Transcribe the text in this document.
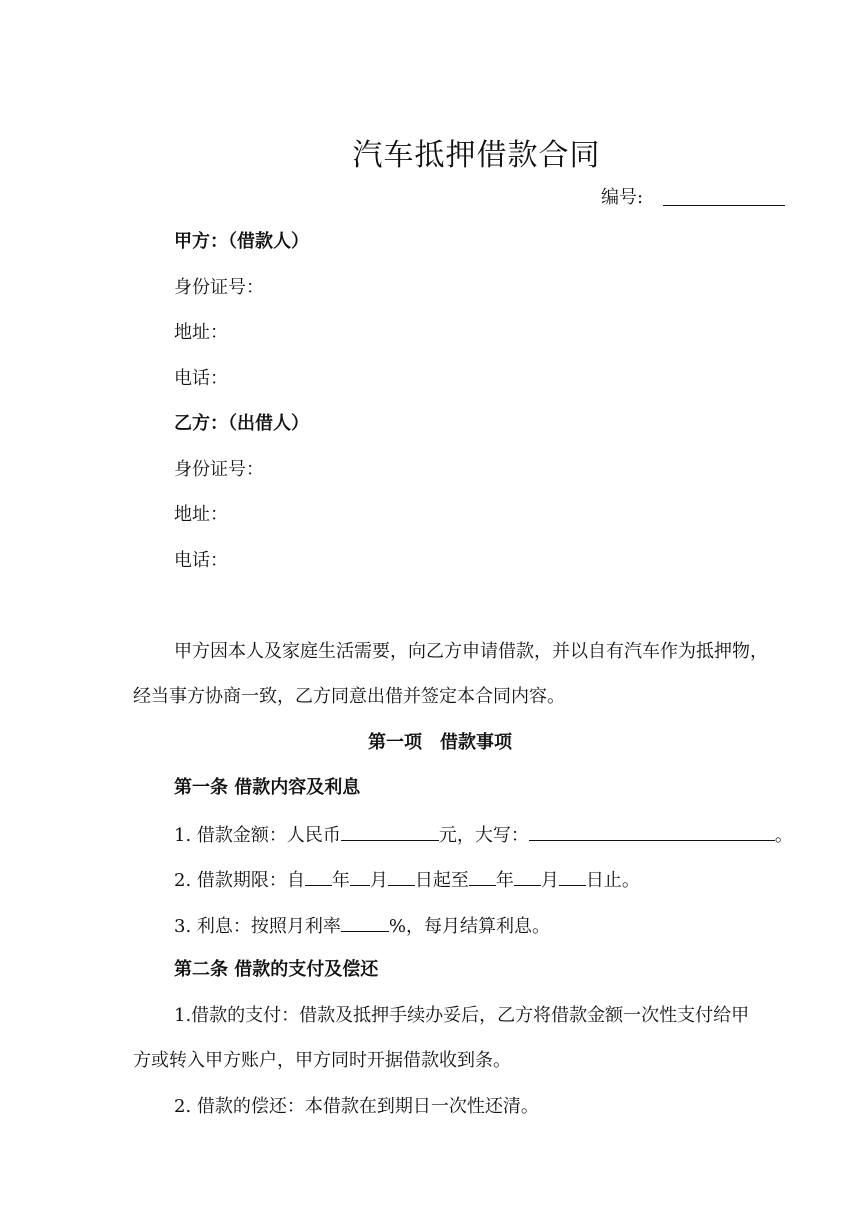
汽车抵押借款合同
编号:
甲方：（借款人）
身份证号：
地址：
电话：
乙方：（出借人）
身份证号：
地址：
电话：
甲方因本人及家庭生活需要，向乙方申请借款，并以自有汽车作为抵押物，
经当事方协商一致，乙方同意出借并签定本合同内容。
第一项　借款事项
第一条 借款内容及利息
1. 借款金额：人民币	元，大写：	。
2. 借款期限：自 年 月 日起至 年 月 日止。
3. 利息：按照月利率	%，每月结算利息。
第二条 借款的支付及偿还
1.借款的支付：借款及抵押手续办妥后，乙方将借款金额一次性支付给甲
方或转入甲方账户，甲方同时开据借款收到条。
2. 借款的偿还：本借款在到期日一次性还清。
